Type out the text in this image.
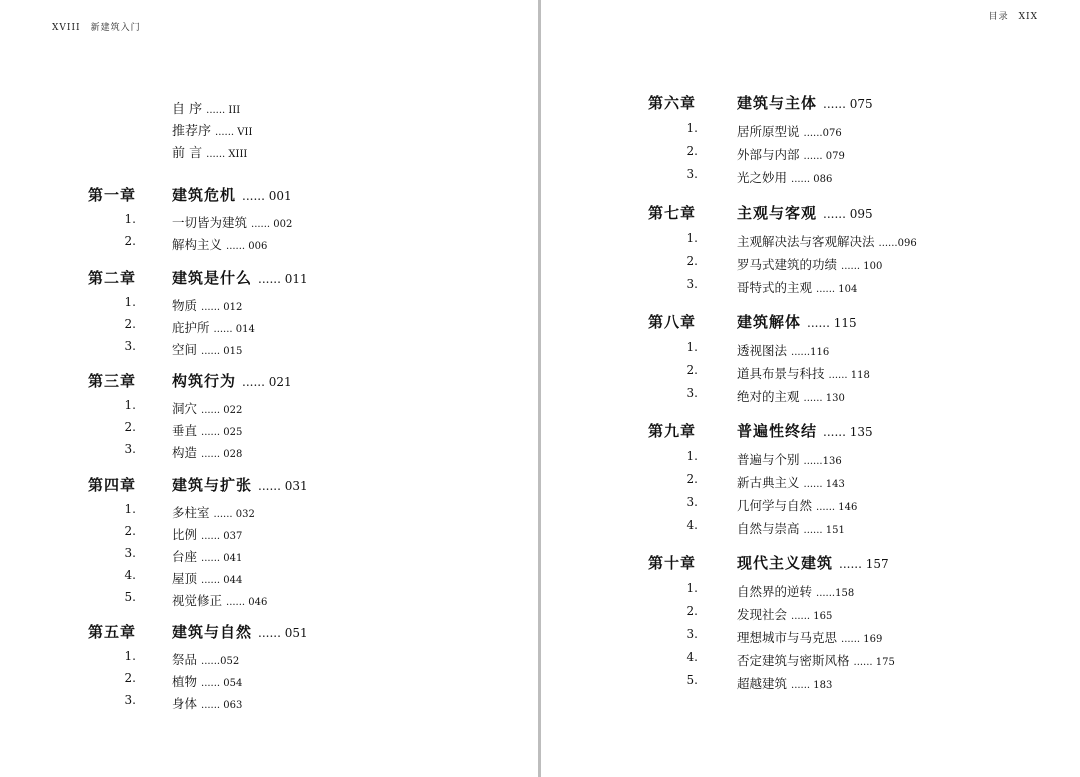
XVIII　新建筑入门
自 序 ...... III
推荐序 ...... VII
前 言 ...... XIII
第一章 建筑危机 ...... 001
1.	一切皆为建筑 ...... 002
2.	解构主义 ...... 006
第二章 建筑是什么 ...... 011
1.	物质 ...... 012
2.	庇护所 ...... 014
3.	空间 ...... 015
第三章 构筑行为 ...... 021
1.	洞穴 ...... 022
2.	垂直 ...... 025
3.	构造 ...... 028
第四章 建筑与扩张 ...... 031
1.	多柱室 ...... 032
2.	比例 ...... 037
3.	台座 ...... 041
4.	屋顶 ...... 044
5.	视觉修正 ...... 046
第五章 建筑与自然 ...... 051
1.	祭品 ......052
2.	植物 ...... 054
3.	身体 ...... 063
目录　XIX
第六章	建筑与主体 ...... 075
1.	居所原型说 ......076
2.	外部与内部 ...... 079
3.	光之妙用 ...... 086
第七章	主观与客观 ...... 095
1.	主观解决法与客观解决法 ......096
2.	罗马式建筑的功绩 ...... 100
3.	哥特式的主观 ...... 104
第八章	建筑解体 ...... 115
1.	透视图法 ......116
2.	道具布景与科技 ...... 118
3.	绝对的主观 ...... 130
第九章	普遍性终结 ...... 135
1.	普遍与个别 ......136
2.	新古典主义 ...... 143
3.	几何学与自然 ...... 146
4.	自然与崇高 ...... 151
第十章	现代主义建筑 ...... 157
1.	自然界的逆转 ......158
2.	发现社会 ...... 165
3.	理想城市与马克思 ...... 169
4.	否定建筑与密斯风格 ...... 175
5.	超越建筑 ...... 183
